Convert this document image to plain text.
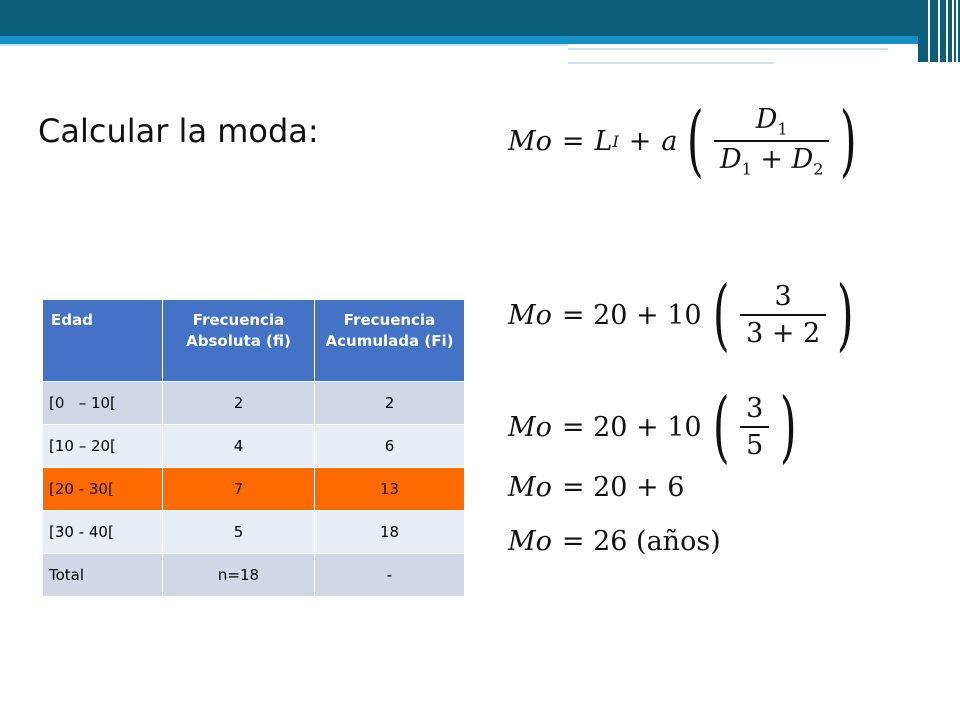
Calcular la moda:	Mo = L I + a ( $\frac{D_1}{D_1 + D_2}$ )
Mo = 20 + 10 ( $\frac{3}{3 + 2}$ )
Mo = 20 + 10 ( $\frac{3}{5}$ )
Mo = 20 + 6
Mo = 26 (años)
Edad	Frecuencia Absoluta (fi)	Frecuencia Acumulada (Fi)
[0   – 10[	2	2
[10 – 20[	4	6
[20 - 30[	7	13
[30 - 40[	5	18
Total	n=18	-
